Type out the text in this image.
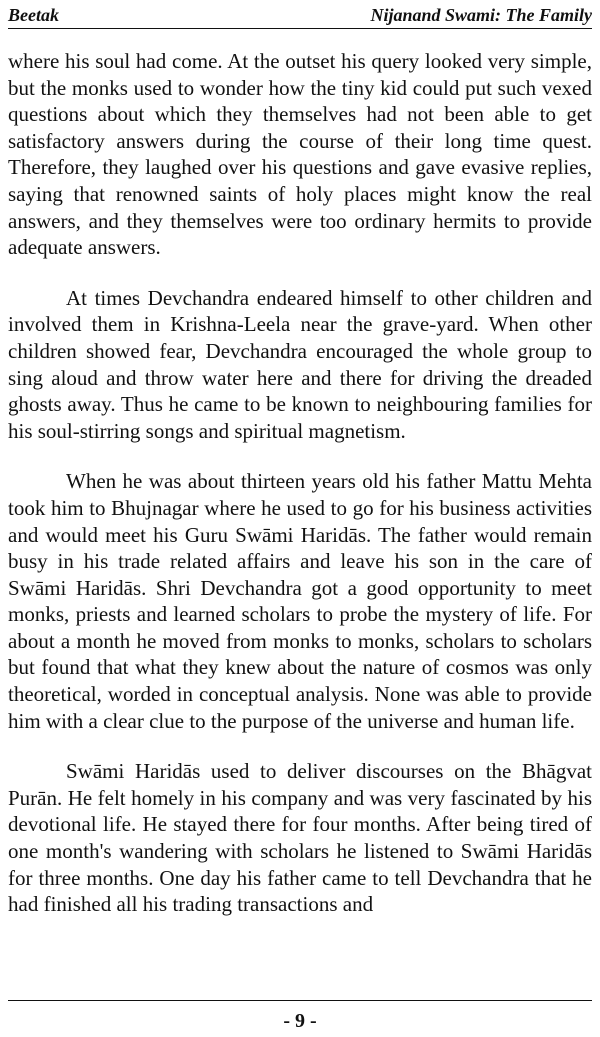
Beetak	Nijanand Swami: The Family

where his soul had come. At the outset his query looked very simple, but the monks used to wonder how the tiny kid could put such vexed questions about which they themselves had not been able to get satisfactory answers during the course of their long time quest. Therefore, they laughed over his questions and gave evasive replies, saying that renowned saints of holy places might know the real answers, and they themselves were too ordinary hermits to provide adequate answers.

At times Devchandra endeared himself to other children and involved them in Krishna-Leela near the grave-yard. When other children showed fear, Devchandra encouraged the whole group to sing aloud and throw water here and there for driving the dreaded ghosts away. Thus he came to be known to neighbouring families for his soul-stirring songs and spiritual magnetism.

When he was about thirteen years old his father Mattu Mehta took him to Bhujnagar where he used to go for his business activities and would meet his Guru Swāmi Haridās. The father would remain busy in his trade related affairs and leave his son in the care of Swāmi Haridās. Shri Devchandra got a good opportunity to meet monks, priests and learned scholars to probe the mystery of life. For about a month he moved from monks to monks, scholars to scholars but found that what they knew about the nature of cosmos was only theoretical, worded in conceptual analysis. None was able to provide him with a clear clue to the purpose of the universe and human life.

Swāmi Haridās used to deliver discourses on the Bhāgvat Purān. He felt homely in his company and was very fascinated by his devotional life. He stayed there for four months. After being tired of one month's wandering with scholars he listened to Swāmi Haridās for three months. One day his father came to tell Devchandra that he had finished all his trading transactions and

- 9 -
